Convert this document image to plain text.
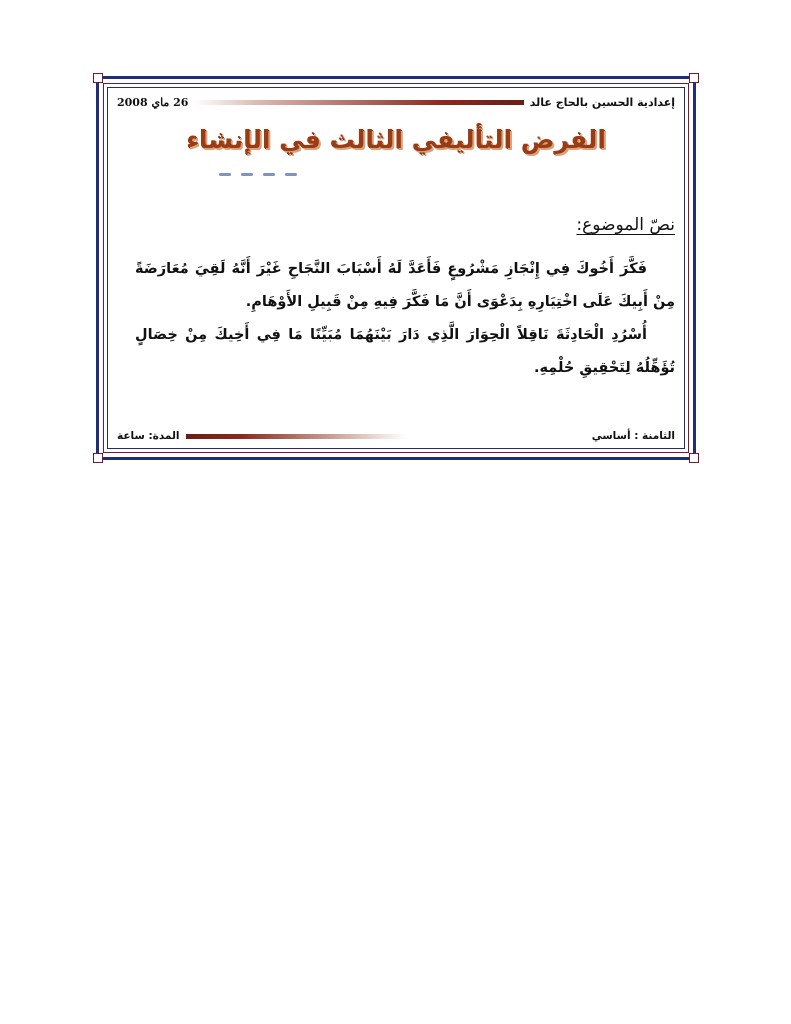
26 ماي 2008	إعدادية الحسين بالحاج عالد
الفرض التأليفي الثالث في الإنشاء
نصّ الموضوع:

فَكَّرَ أَخُوكَ فِي إِنْجَازِ مَشْرُوعٍ فَأَعَدَّ لَهُ أَسْبَابَ النَّجَاحِ غَيْرَ أَنَّهُ لَقِيَ مُعَارَضَةً مِنْ أَبِيكَ عَلَى اخْتِيَارِهِ بِدَعْوَى أَنَّ مَا فَكَّرَ فِيهِ مِنْ قَبِيلِ الأَوْهَامِ.

أُسْرُدِ الْحَادِثَةَ نَاقِلاً الْحِوَارَ الَّذِي دَارَ بَيْنَهُمَا مُبَيِّنًا مَا فِي أَخِيكَ مِنْ خِصَالٍ تُؤَهِّلُهُ لِتَحْقِيقِ حُلْمِهِ.

المدة: ساعة	الثامنة : أساسي
